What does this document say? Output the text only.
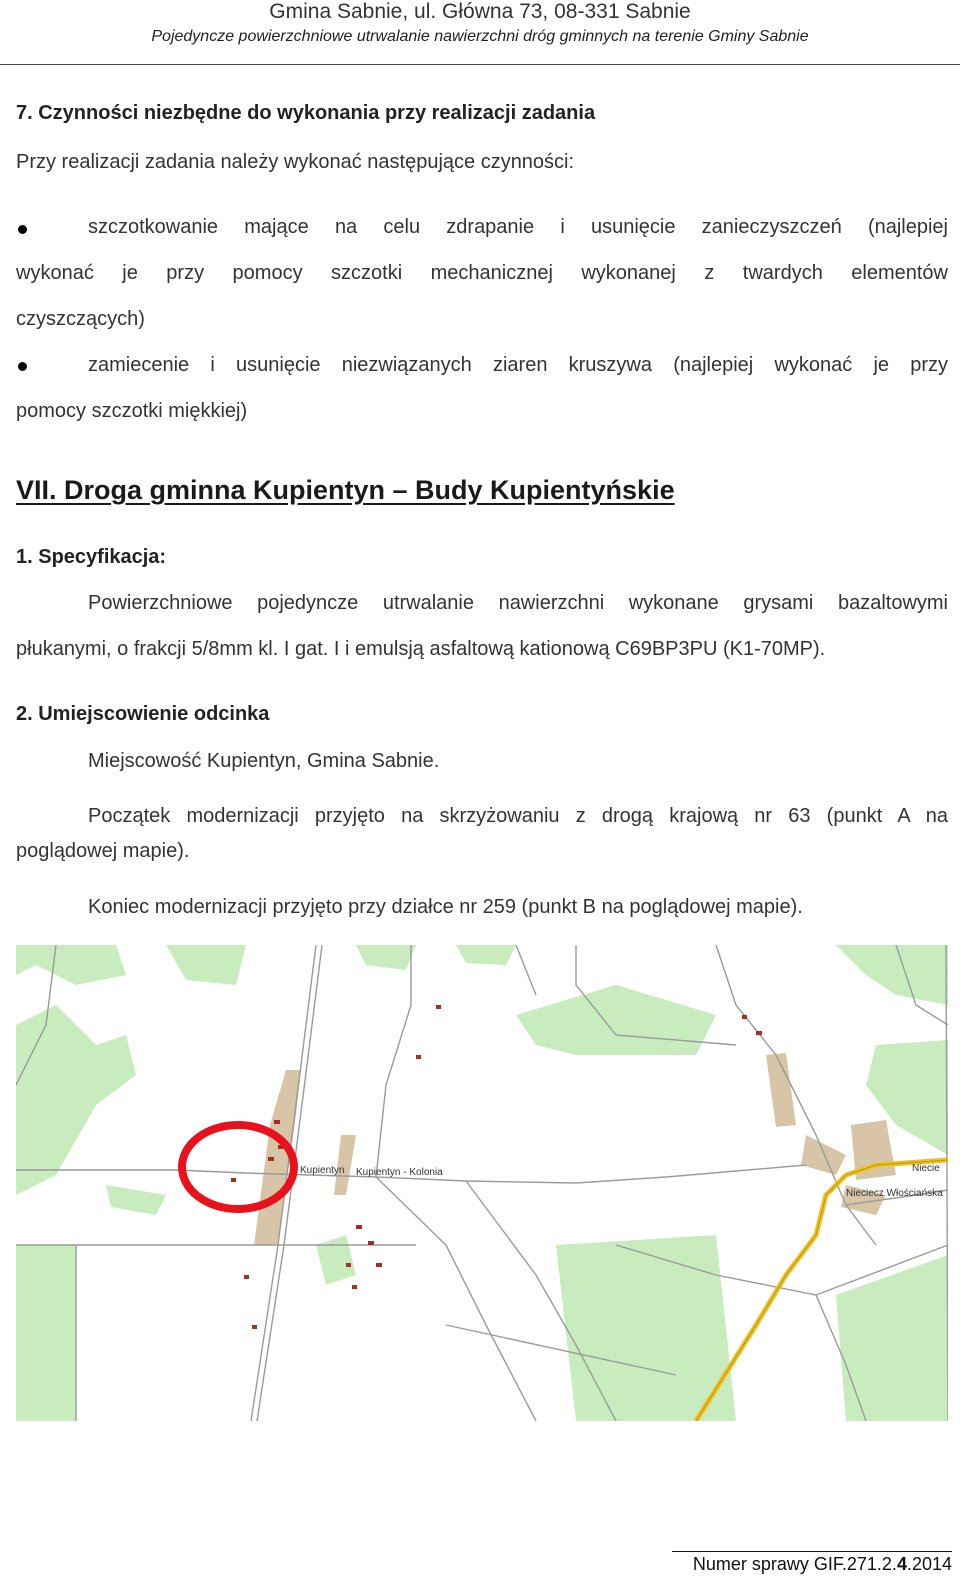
Gmina Sabnie, ul. Główna 73, 08-331 Sabnie
Pojedyncze powierzchniowe utrwalanie nawierzchni dróg gminnych na terenie Gminy Sabnie
7. Czynności niezbędne do wykonania przy realizacji zadania
Przy realizacji zadania należy wykonać następujące czynności:
szczotkowanie mające na celu zdrapanie i usunięcie zanieczyszczeń (najlepiej
wykonać je przy pomocy szczotki mechanicznej wykonanej z twardych elementów
czyszczących)
zamiecenie i usunięcie niezwiązanych ziaren kruszywa (najlepiej wykonać je przy
pomocy szczotki miękkiej)
VII. Droga gminna Kupientyn – Budy Kupientyńskie
1. Specyfikacja:
Powierzchniowe pojedyncze utrwalanie nawierzchni wykonane grysami bazaltowymi
płukanymi, o frakcji 5/8mm kl. I gat. I i emulsją asfaltową kationową C69BP3PU (K1-70MP).
2. Umiejscowienie odcinka
Miejscowość Kupientyn, Gmina Sabnie.
Początek modernizacji przyjęto na skrzyżowaniu z drogą krajową nr 63 (punkt A na
poglądowej mapie).
Koniec modernizacji przyjęto przy działce nr 259 (punkt B na poglądowej mapie).
Kupientyn Kupientyn - Kolonia
Nieciecz Włościańska
Niecie
Numer sprawy GIF.271.2.4.2014
